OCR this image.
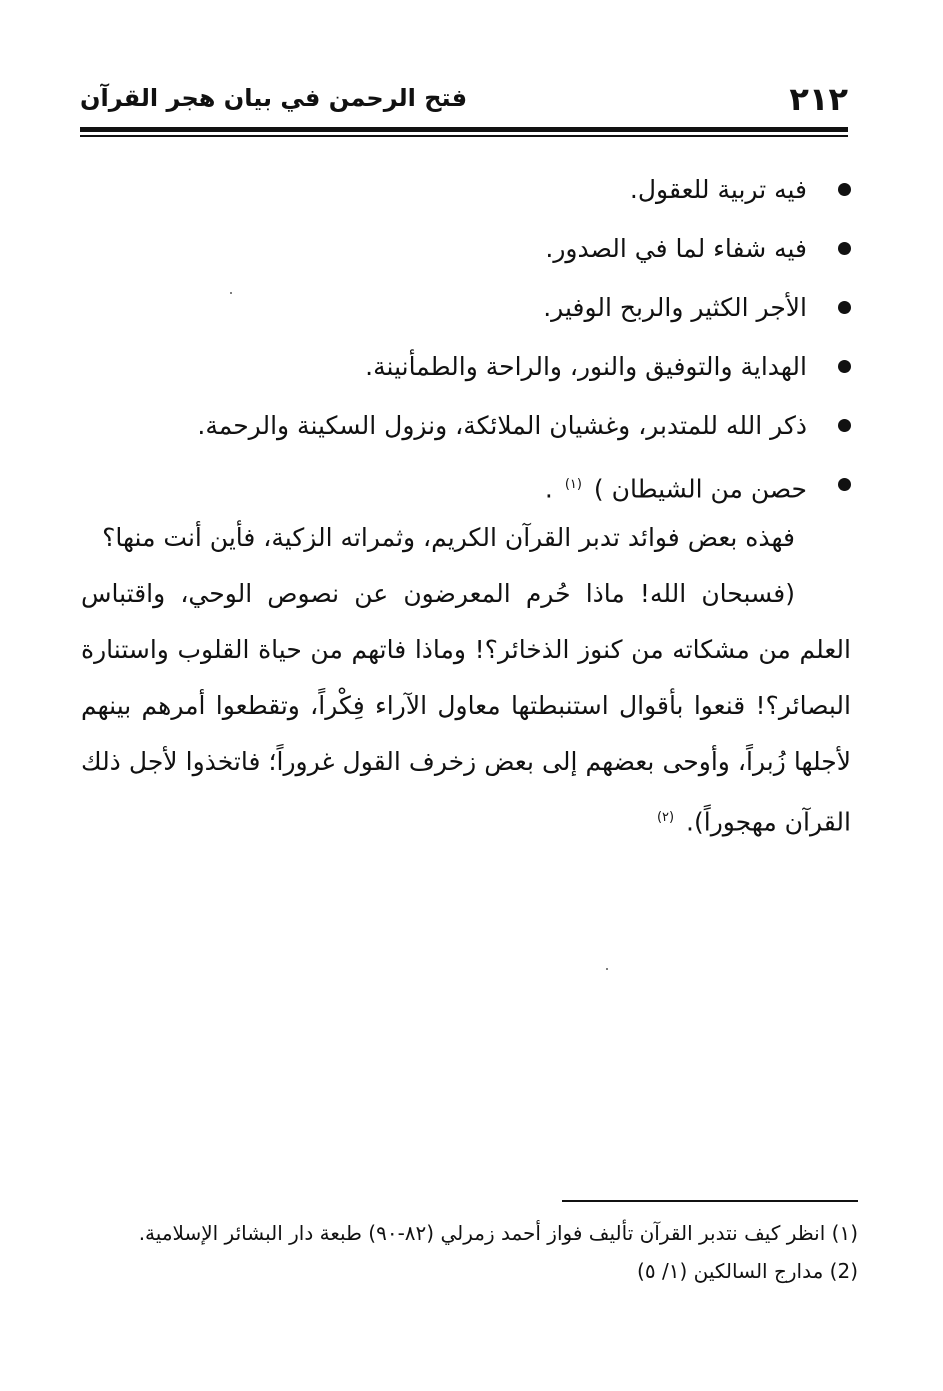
٢١٢
فتح الرحمن في بيان هجر القرآن
فيه تربية للعقول.
فيه شفاء لما في الصدور.
الأجر الكثير والربح الوفير.
الهداية والتوفيق والنور، والراحة والطمأنينة.
ذكر الله للمتدبر، وغشيان الملائكة، ونزول السكينة والرحمة.
حصن من الشيطان ) $^{(١)}$ .

فهذه بعض فوائد تدبر القرآن الكريم، وثمراته الزكية، فأين أنت منها؟

(فسبحان الله! ماذا حُرم المعرضون عن نصوص الوحي، واقتباس العلم من مشكاته من كنوز الذخائر؟! وماذا فاتهم من حياة القلوب واستنارة البصائر؟! قنعوا بأقوال استنبطتها معاول الآراء فِكْراً، وتقطعوا أمرهم بينهم لأجلها زُبراً، وأوحى بعضهم إلى بعض زخرف القول غروراً؛ فاتخذوا لأجل ذلك القرآن مهجوراً). $^{(٢)}$

(١) انظر كيف نتدبر القرآن تأليف فواز أحمد زمرلي (٨٢-٩٠) طبعة دار البشائر الإسلامية.

(2) مدارج السالكين (١/ ٥)
